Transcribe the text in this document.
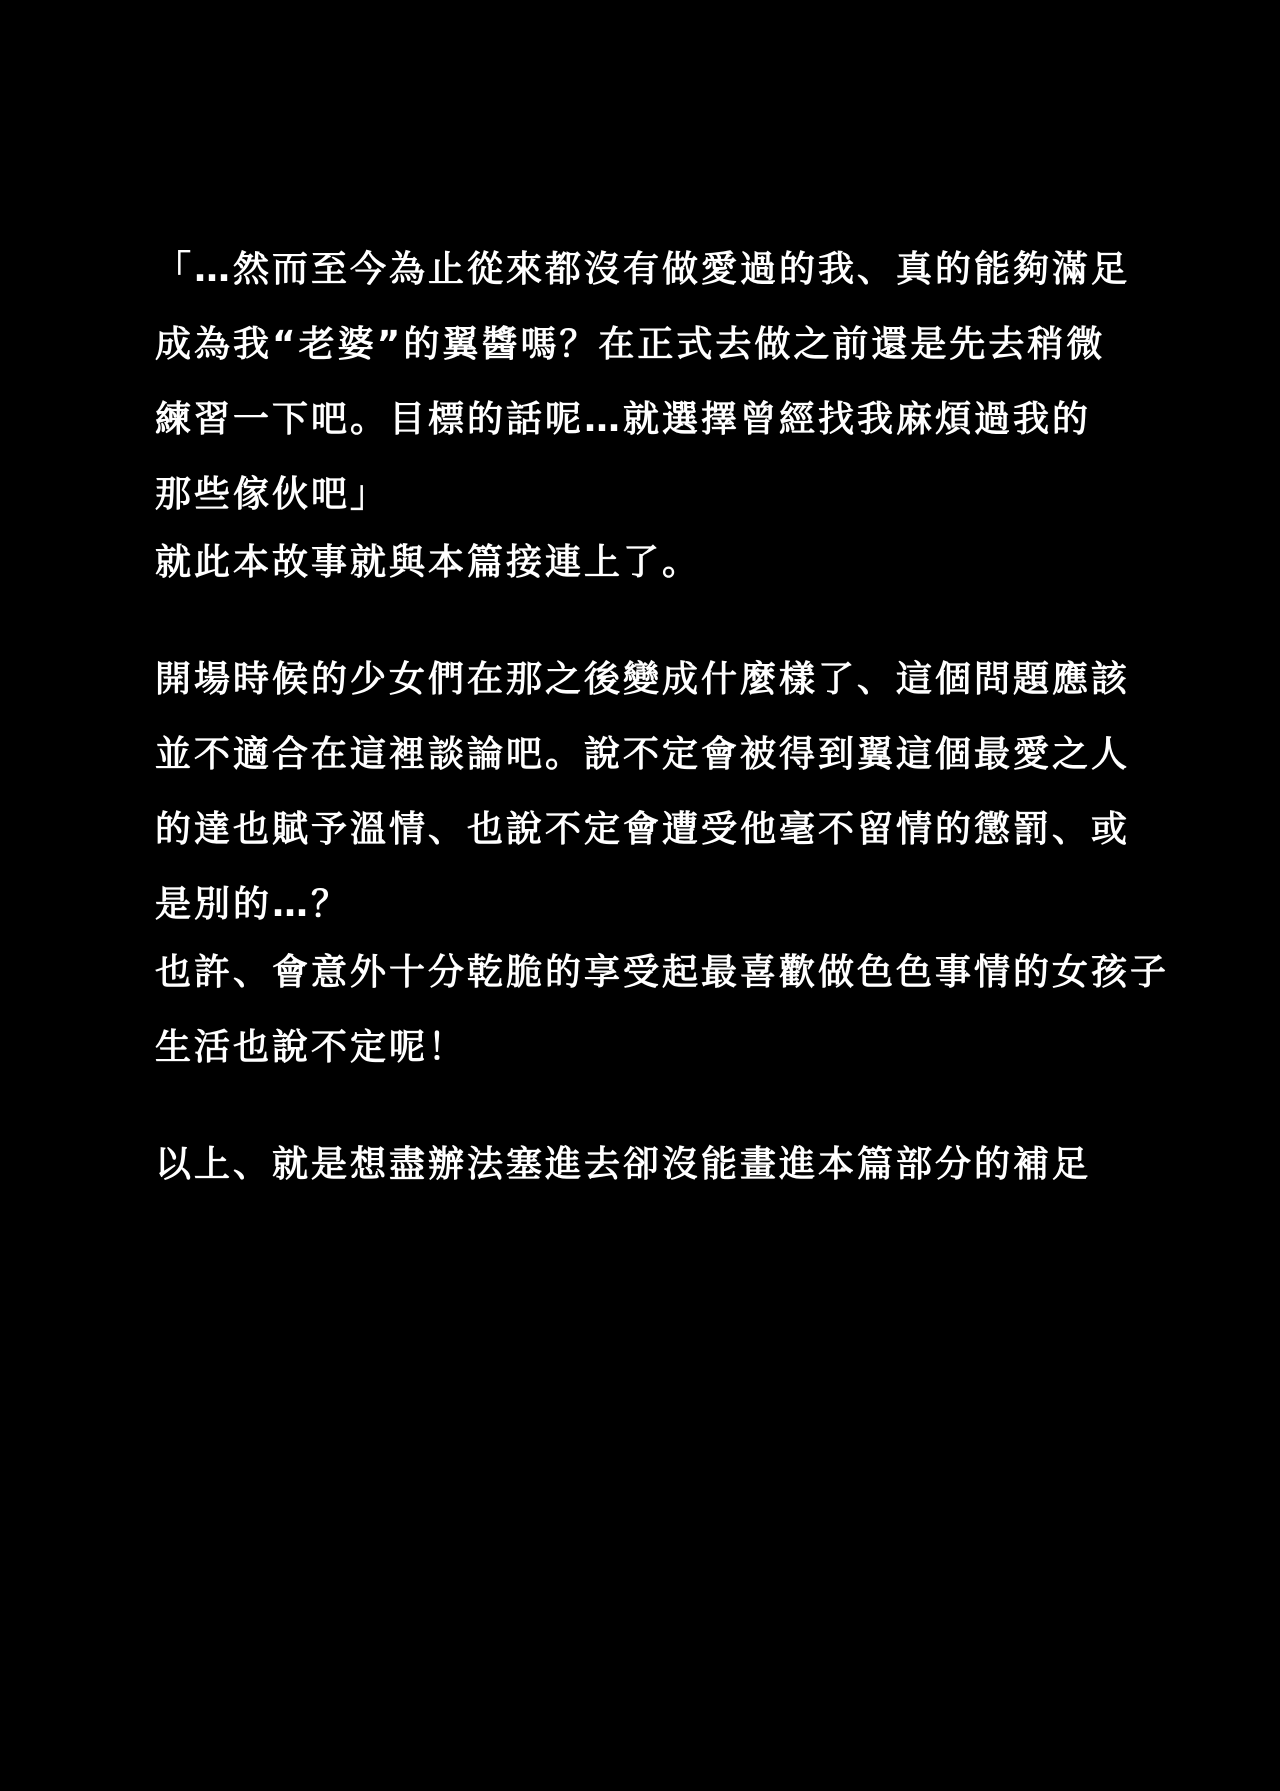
「…然而至今為止從來都沒有做愛過的我、真的能夠滿足
成為我“老婆”的翼醬嗎？在正式去做之前還是先去稍微
練習一下吧。目標的話呢…就選擇曾經找我麻煩過我的
那些傢伙吧」
就此本故事就與本篇接連上了。
開場時候的少女們在那之後變成什麼樣了、這個問題應該
並不適合在這裡談論吧。說不定會被得到翼這個最愛之人
的達也賦予溫情、也說不定會遭受他毫不留情的懲罰、或
是別的…？
也許、會意外十分乾脆的享受起最喜歡做色色事情的女孩子
生活也說不定呢！
以上、就是想盡辦法塞進去卻沒能畫進本篇部分的補足
